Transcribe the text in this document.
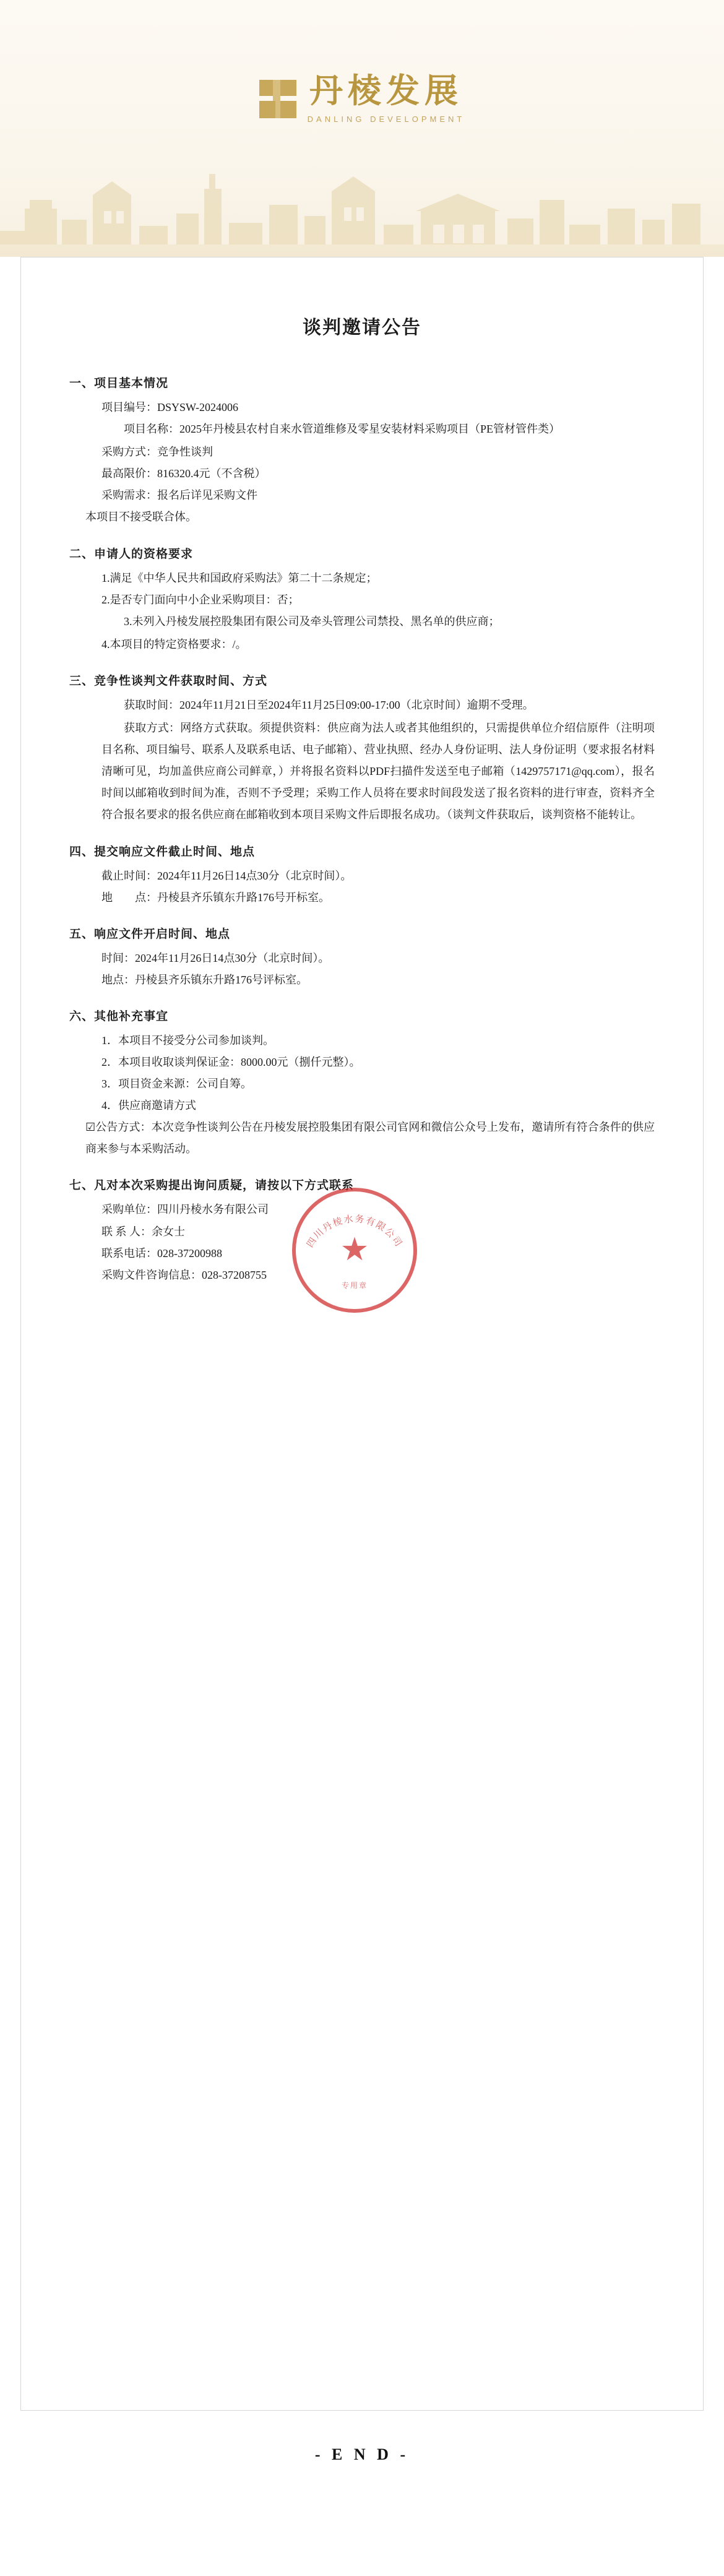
丹棱发展
DANLING DEVELOPMENT
谈判邀请公告
一、项目基本情况
项目编号：DSYSW-2024006
项目名称：2025年丹棱县农村自来水管道维修及零星安装材料采购项目（PE管材管件类）
采购方式：竞争性谈判
最高限价：816320.4元（不含税）
采购需求：报名后详见采购文件
本项目不接受联合体。
二、申请人的资格要求
1.满足《中华人民共和国政府采购法》第二十二条规定；
2.是否专门面向中小企业采购项目：否；
3.未列入丹棱发展控股集团有限公司及牵头管理公司禁投、黑名单的供应商；
4.本项目的特定资格要求：/。
三、竞争性谈判文件获取时间、方式
获取时间：2024年11月21日至2024年11月25日09:00-17:00（北京时间）逾期不受理。
获取方式：网络方式获取。须提供资料：供应商为法人或者其他组织的，只需提供单位介绍信原件（注明项目名称、项目编号、联系人及联系电话、电子邮箱）、营业执照、经办人身份证明、法人身份证明（要求报名材料清晰可见，均加盖供应商公司鲜章，）并将报名资料以PDF扫描件发送至电子邮箱（1429757171@qq.com），报名时间以邮箱收到时间为准，否则不予受理；采购工作人员将在要求时间段发送了报名资料的进行审查，资料齐全符合报名要求的报名供应商在邮箱收到本项目采购文件后即报名成功。（谈判文件获取后，谈判资格不能转让。
四、提交响应文件截止时间、地点
截止时间：2024年11月26日14点30分（北京时间）。
地　　点：丹棱县齐乐镇东升路176号开标室。
五、响应文件开启时间、地点
时间：2024年11月26日14点30分（北京时间）。
地点：丹棱县齐乐镇东升路176号评标室。
六、其他补充事宜
1．本项目不接受分公司参加谈判。
2．本项目收取谈判保证金：8000.00元（捌仟元整）。
3．项目资金来源：公司自筹。
4．供应商邀请方式
☑公告方式：本次竞争性谈判公告在丹棱发展控股集团有限公司官网和微信公众号上发布，邀请所有符合条件的供应商来参与本采购活动。
七、凡对本次采购提出询问质疑，请按以下方式联系
采购单位：四川丹棱水务有限公司
联 系 人：余女士
联系电话：028-37200988
采购文件咨询信息：028-37208755
四川丹棱水务有限公司
★
专用章
- E N D -
